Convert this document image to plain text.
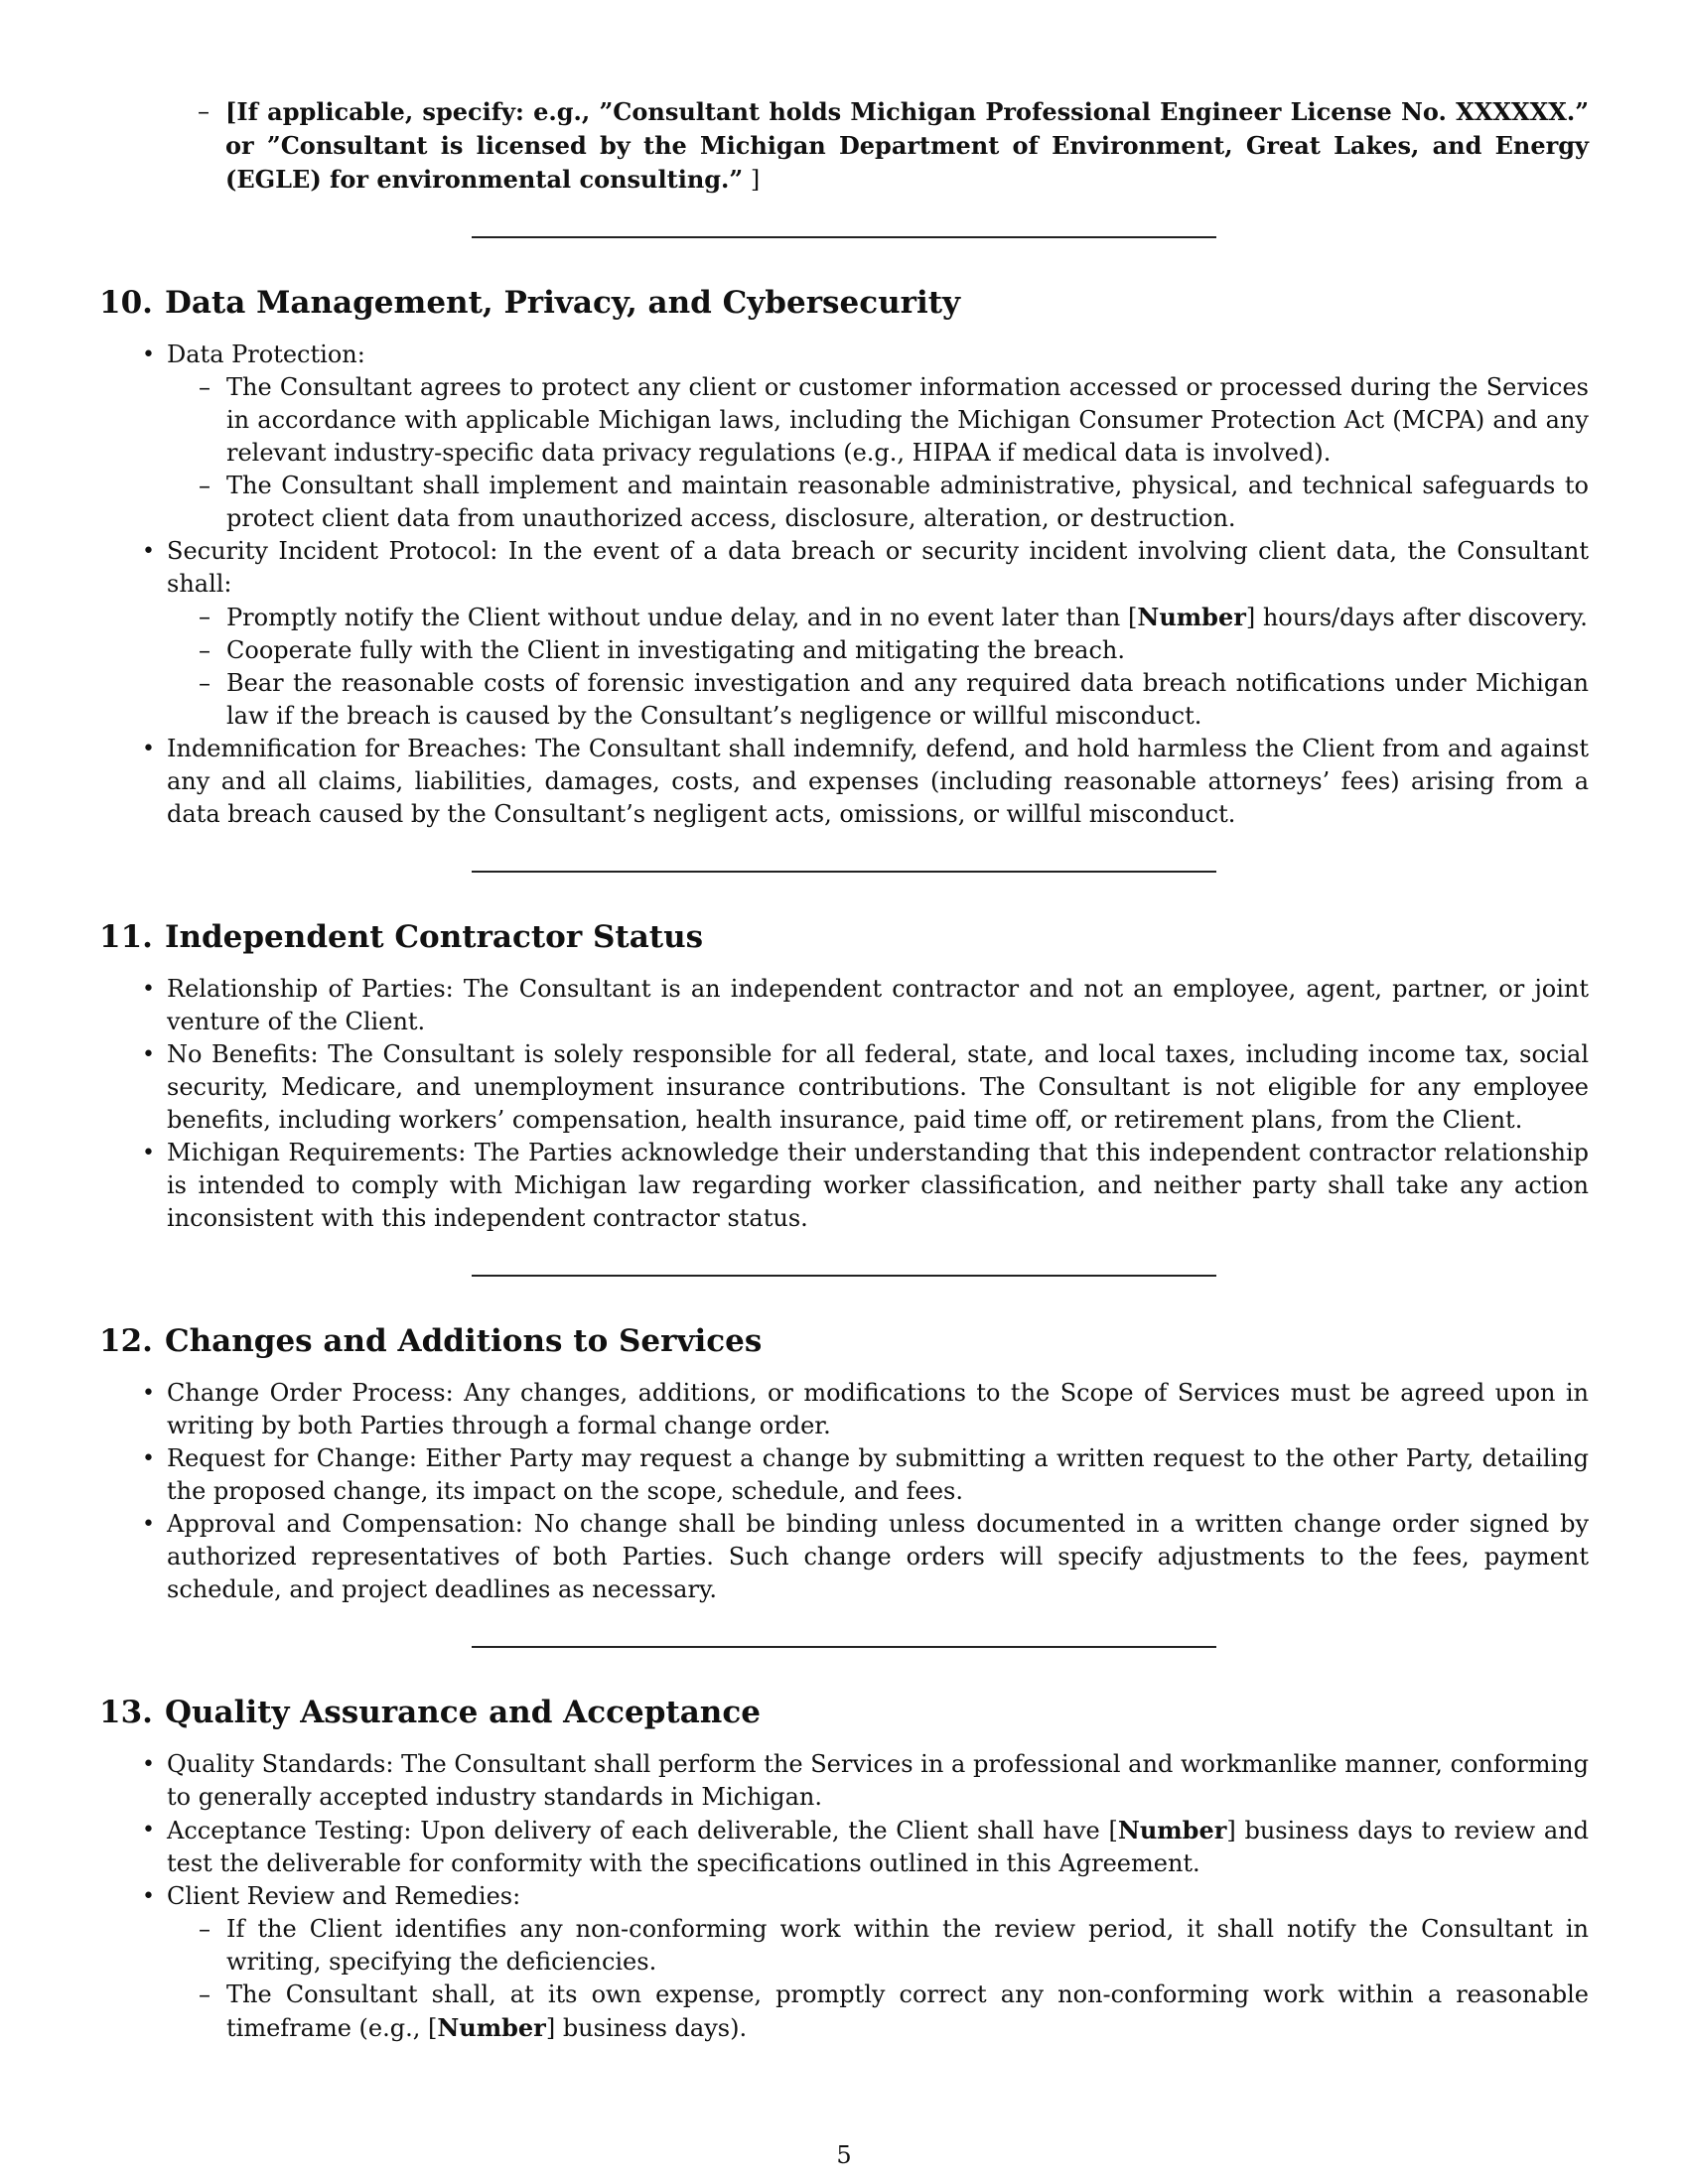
– [If applicable, specify: e.g., ”Consultant holds Michigan Professional Engineer License No. XXXXXX.” or ”Consultant is licensed by the Michigan Department of Environment, Great Lakes, and Energy (EGLE) for environmental consulting.” ]
10. Data Management, Privacy, and Cybersecurity
• Data Protection:
– The Consultant agrees to protect any client or customer information accessed or processed during the Services in accordance with applicable Michigan laws, including the Michigan Consumer Protection Act (MCPA) and any relevant industry-specific data privacy regulations (e.g., HIPAA if medical data is involved).
– The Consultant shall implement and maintain reasonable administrative, physical, and technical safeguards to protect client data from unauthorized access, disclosure, alteration, or destruction.
• Security Incident Protocol: In the event of a data breach or security incident involving client data, the Consultant shall:
– Promptly notify the Client without undue delay, and in no event later than [Number] hours/days after discovery.
– Cooperate fully with the Client in investigating and mitigating the breach.
– Bear the reasonable costs of forensic investigation and any required data breach notifications under Michigan law if the breach is caused by the Consultant’s negligence or willful misconduct.
• Indemnification for Breaches: The Consultant shall indemnify, defend, and hold harmless the Client from and against any and all claims, liabilities, damages, costs, and expenses (including reasonable attorneys’ fees) arising from a data breach caused by the Consultant’s negligent acts, omissions, or willful misconduct.
11. Independent Contractor Status
• Relationship of Parties: The Consultant is an independent contractor and not an employee, agent, partner, or joint venture of the Client.
• No Benefits: The Consultant is solely responsible for all federal, state, and local taxes, including income tax, social security, Medicare, and unemployment insurance contributions. The Consultant is not eligible for any employee benefits, including workers’ compensation, health insurance, paid time off, or retirement plans, from the Client.
• Michigan Requirements: The Parties acknowledge their understanding that this independent contractor relationship is intended to comply with Michigan law regarding worker classification, and neither party shall take any action inconsistent with this independent contractor status.
12. Changes and Additions to Services
• Change Order Process: Any changes, additions, or modifications to the Scope of Services must be agreed upon in writing by both Parties through a formal change order.
• Request for Change: Either Party may request a change by submitting a written request to the other Party, detailing the proposed change, its impact on the scope, schedule, and fees.
• Approval and Compensation: No change shall be binding unless documented in a written change order signed by authorized representatives of both Parties. Such change orders will specify adjustments to the fees, payment schedule, and project deadlines as necessary.
13. Quality Assurance and Acceptance
• Quality Standards: The Consultant shall perform the Services in a professional and workmanlike manner, conforming to generally accepted industry standards in Michigan.
• Acceptance Testing: Upon delivery of each deliverable, the Client shall have [Number] business days to review and test the deliverable for conformity with the specifications outlined in this Agreement.
• Client Review and Remedies:
– If the Client identifies any non-conforming work within the review period, it shall notify the Consultant in writing, specifying the deficiencies.
– The Consultant shall, at its own expense, promptly correct any non-conforming work within a reasonable timeframe (e.g., [Number] business days).
5
